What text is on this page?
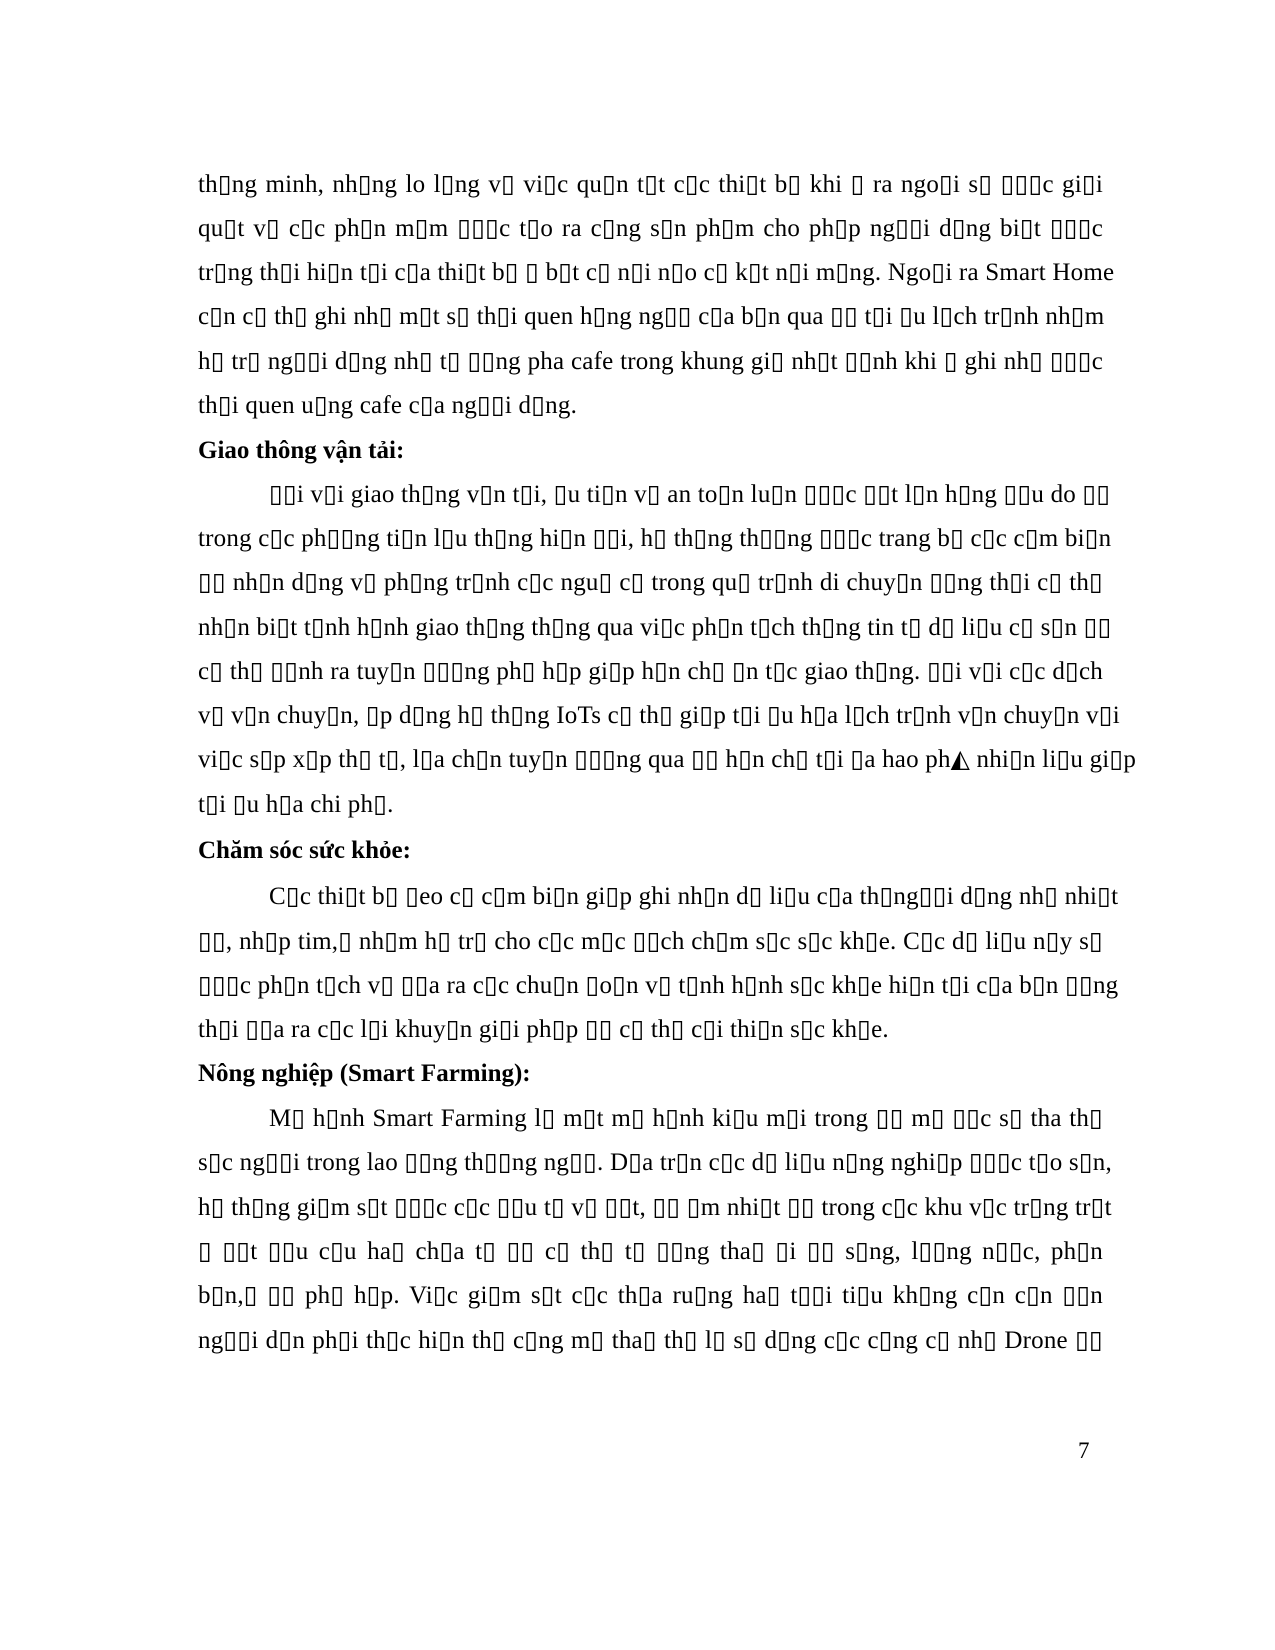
th▯ng minh, nh▯ng lo l▯ng v▯ vi▯c qu▯n t▯t c▯c thi▯t b▯ khi ▯ ra ngo▯i s▯ ▯▯▯c gi▯i
qu▯t v▯ c▯c ph▯n m▯m ▯▯▯c t▯o ra c▯ng s▯n ph▯m cho ph▯p ng▯▯i d▯ng bi▯t ▯▯▯c
tr▯ng th▯i hi▯n t▯i c▯a thi▯t b▯ ▯ b▯t c▯ n▯i n▯o c▯ k▯t n▯i m▯ng. Ngo▯i ra Smart Home
c▯n c▯ th▯ ghi nh▯ m▯t s▯ th▯i quen h▯ng ng▯▯ c▯a b▯n qua ▯▯ t▯i ▯u l▯ch tr▯nh nh▯m
h▯ tr▯ ng▯▯i d▯ng nh▯ t▯ ▯▯ng pha cafe trong khung gi▯ nh▯t ▯▯nh khi ▯ ghi nh▯ ▯▯▯c
th▯i quen u▯ng cafe c▯a ng▯▯i d▯ng.
Giao thông vận tải:
▯▯i v▯i giao th▯ng v▯n t▯i, ▯u ti▯n v▯ an to▯n lu▯n ▯▯▯c ▯▯t l▯n h▯ng ▯▯u do ▯▯
trong c▯c ph▯▯ng ti▯n l▯u th▯ng hi▯n ▯▯i, h▯ th▯ng th▯▯ng ▯▯▯c trang b▯ c▯c c▯m bi▯n
▯▯ nh▯n d▯ng v▯ ph▯ng tr▯nh c▯c ngu▯ c▯ trong qu▯ tr▯nh di chuy▯n ▯▯ng th▯i c▯ th▯
nh▯n bi▯t t▯nh h▯nh giao th▯ng th▯ng qua vi▯c ph▯n t▯ch th▯ng tin t▯ d▯ li▯u c▯ s▯n ▯▯
c▯ th▯ ▯▯nh ra tuy▯n ▯▯▯ng ph▯ h▯p gi▯p h▯n ch▯ ▯n t▯c giao th▯ng. ▯▯i v▯i c▯c d▯ch
v▯ v▯n chuy▯n, ▯p d▯ng h▯ th▯ng IoTs c▯ th▯ gi▯p t▯i ▯u h▯a l▯ch tr▯nh v▯n chuy▯n v▯i
vi▯c s▯p x▯p th▯ t▯, l▯a ch▯n tuy▯n ▯▯▯ng qua ▯▯ h▯n ch▯ t▯i ▯a hao ph◭ nhi▯n li▯u gi▯p
t▯i ▯u h▯a chi ph▯.
Chăm sóc sức khỏe:
C▯c thi▯t b▯ ▯eo c▯ c▯m bi▯n gi▯p ghi nh▯n d▯ li▯u c▯a th▯ng▯▯i d▯ng nh▯ nhi▯t
▯▯, nh▯p tim,▯ nh▯m h▯ tr▯ cho c▯c m▯c ▯▯ch ch▯m s▯c s▯c kh▯e. C▯c d▯ li▯u n▯y s▯
▯▯▯c ph▯n t▯ch v▯ ▯▯a ra c▯c chu▯n ▯o▯n v▯ t▯nh h▯nh s▯c kh▯e hi▯n t▯i c▯a b▯n ▯▯ng
th▯i ▯▯a ra c▯c l▯i khuy▯n gi▯i ph▯p ▯▯ c▯ th▯ c▯i thi▯n s▯c kh▯e.
Nông nghiệp (Smart Farming):
M▯ h▯nh Smart Farming l▯ m▯t m▯ h▯nh ki▯u m▯i trong ▯▯ m▯ ▯▯c s▯ tha th▯
s▯c ng▯▯i trong lao ▯▯ng th▯▯ng ng▯▯. D▯a tr▯n c▯c d▯ li▯u n▯ng nghi▯p ▯▯▯c t▯o s▯n,
h▯ th▯ng gi▯m s▯t ▯▯▯c c▯c ▯▯u t▯ v▯ ▯▯t, ▯▯ ▯m nhi▯t ▯▯ trong c▯c khu v▯c tr▯ng tr▯t
▯ ▯▯t ▯▯u c▯u ha▯ ch▯a t▯ ▯▯ c▯ th▯ t▯ ▯▯ng tha▯ ▯i ▯▯ s▯ng, l▯▯ng n▯▯c, ph▯n
b▯n,▯ ▯▯ ph▯ h▯p. Vi▯c gi▯m s▯t c▯c th▯a ru▯ng ha▯ t▯▯i ti▯u kh▯ng c▯n c▯n ▯▯n
ng▯▯i d▯n ph▯i th▯c hi▯n th▯ c▯ng m▯ tha▯ th▯ l▯ s▯ d▯ng c▯c c▯ng c▯ nh▯ Drone ▯▯
7
